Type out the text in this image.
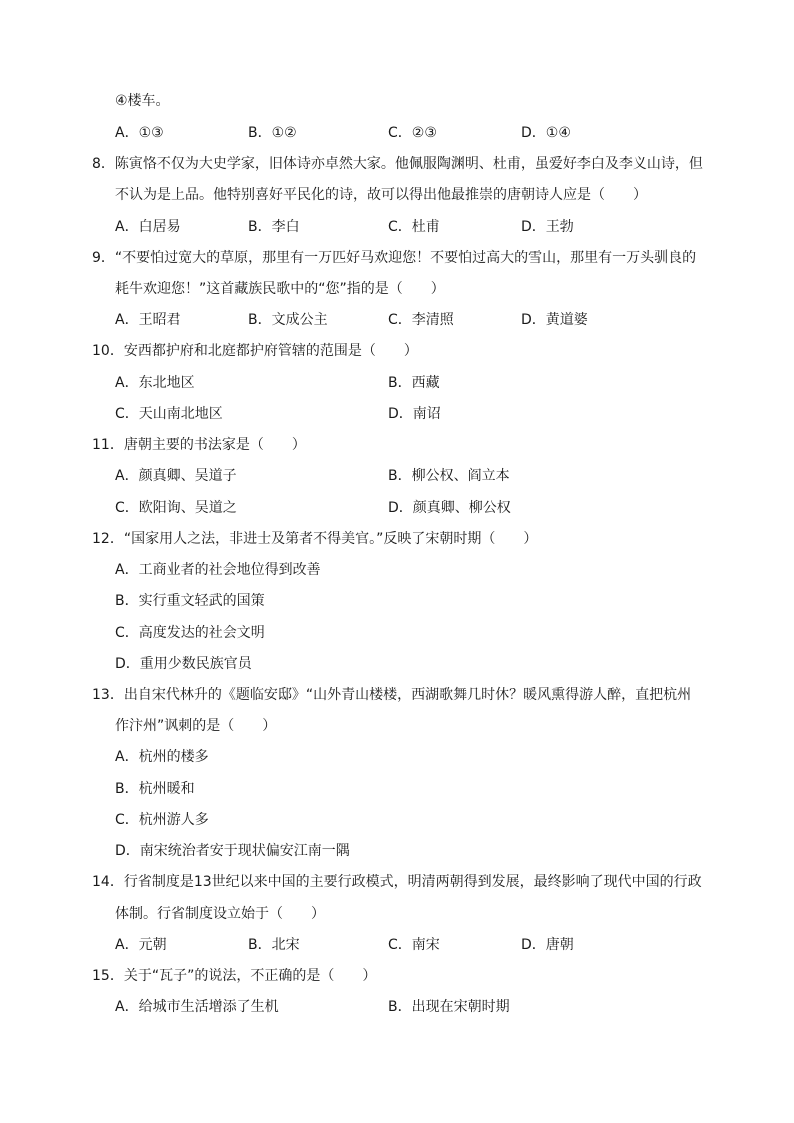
④楼车。
A．①③	B．①②	C．②③	D．①④
8．陈寅恪不仅为大史学家，旧体诗亦卓然大家。他佩服陶渊明、杜甫，虽爱好李白及李义山诗，但
不认为是上品。他特别喜好平民化的诗，故可以得出他最推崇的唐朝诗人应是（　　）
A．白居易	B．李白	C．杜甫	D．王勃
9．“不要怕过宽大的草原，那里有一万匹好马欢迎您！不要怕过高大的雪山，那里有一万头驯良的
耗牛欢迎您！”这首藏族民歌中的“您”指的是（　　）
A．王昭君	B．文成公主	C．李清照	D．黄道婆
10．安西都护府和北庭都护府管辖的范围是（　　）
A．东北地区	B．西藏
C．天山南北地区	D．南诏
11．唐朝主要的书法家是（　　）
A．颜真卿、吴道子	B．柳公权、阎立本
C．欧阳询、吴道之	D．颜真卿、柳公权
12．“国家用人之法，非进士及第者不得美官。”反映了宋朝时期（　　）
A．工商业者的社会地位得到改善
B．实行重文轻武的国策
C．高度发达的社会文明
D．重用少数民族官员
13．出自宋代林升的《题临安邸》“山外青山楼楼，西湖歌舞几时休？暖风熏得游人醉，直把杭州
作汴州”讽刺的是（　　）
A．杭州的楼多
B．杭州暖和
C．杭州游人多
D．南宋统治者安于现状偏安江南一隅
14．行省制度是13世纪以来中国的主要行政模式，明清两朝得到发展，最终影响了现代中国的行政
体制。行省制度设立始于（　　）
A．元朝	B．北宋	C．南宋	D．唐朝
15．关于“瓦子”的说法，不正确的是（　　）
A．给城市生活增添了生机	B．出现在宋朝时期
